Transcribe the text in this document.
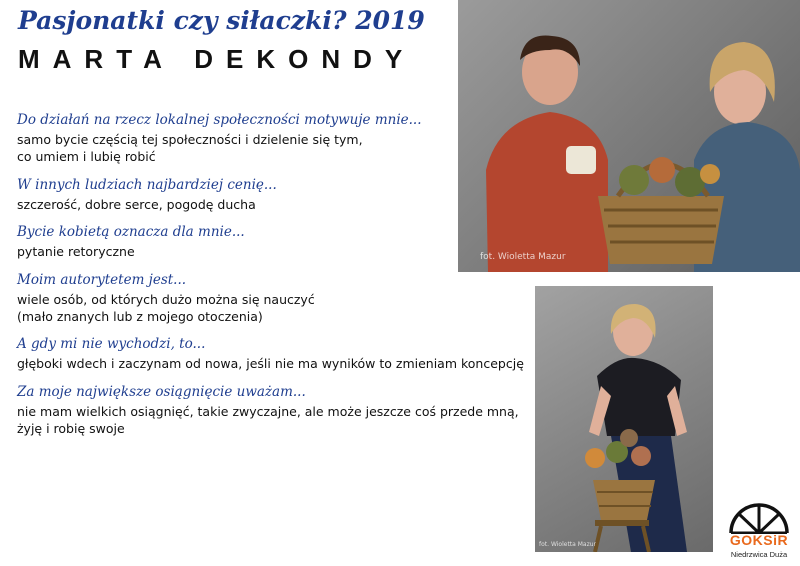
Pasjonatki czy siłaczki? 2019
MARTA DEKONDY

Do działań na rzecz lokalnej społeczności motywuje mnie...

samo bycie częścią tej społeczności i dzielenie się tym,
co umiem i lubię robić

W innych ludziach najbardziej cenię...

szczerość, dobre serce, pogodę ducha

Bycie kobietą oznacza dla mnie...

pytanie retoryczne

Moim autorytetem jest...

wiele osób, od których dużo można się nauczyć
(mało znanych lub z mojego otoczenia)

A gdy mi nie wychodzi, to...

głęboki wdech i zaczynam od nowa, jeśli nie ma wyników to zmieniam koncepcję

Za moje największe osiągnięcie uważam...

nie mam wielkich osiągnięć, takie zwyczajne, ale może jeszcze coś przede mną,
żyję i robię swoje

fot. Wioletta Mazur
fot. Wioletta Mazur	GOKSiR

Niedrzwica Duża
